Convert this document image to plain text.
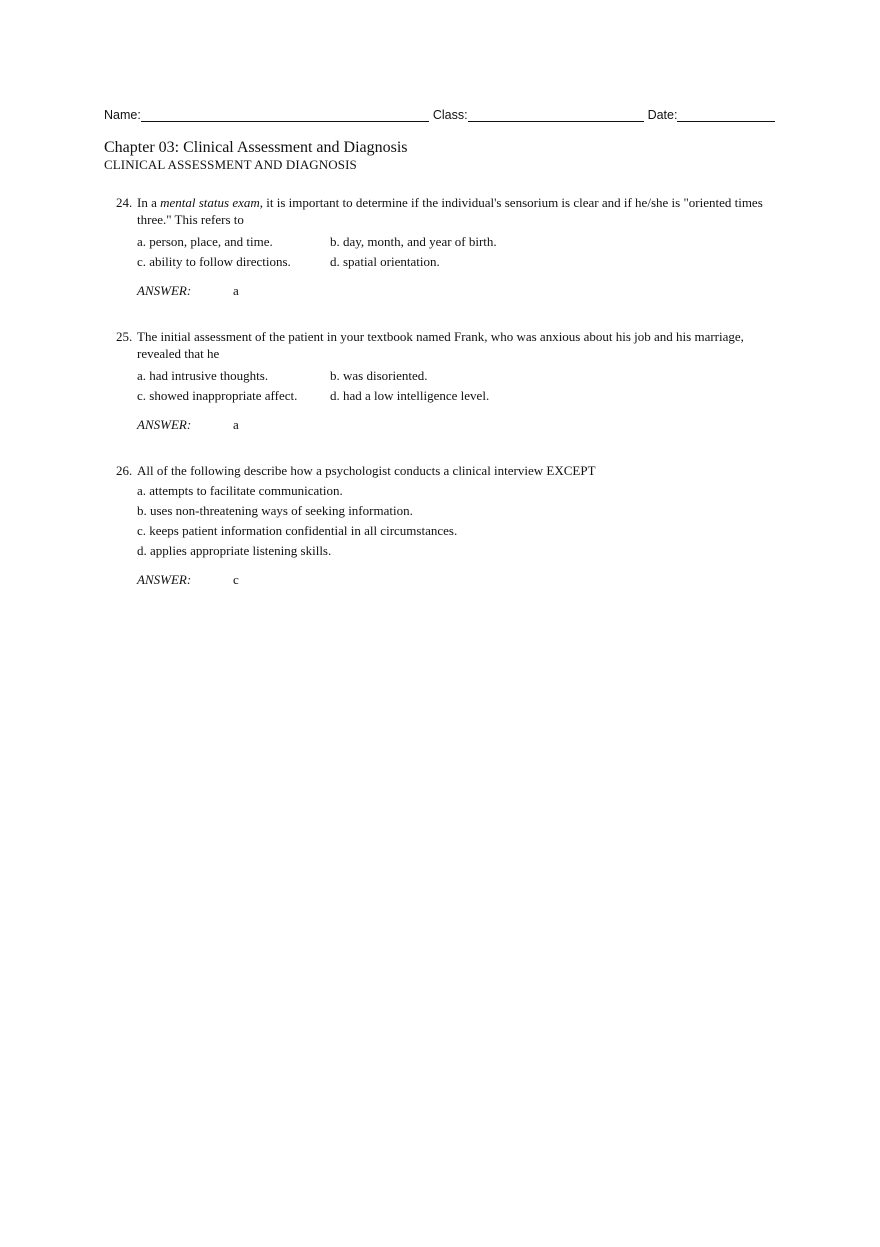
Name:	Class:	Date:
Chapter 03: Clinical Assessment and Diagnosis
CLINICAL ASSESSMENT AND DIAGNOSIS
24. In a mental status exam, it is important to determine if the individual's sensorium is clear and if he/she is "oriented times three." This refers to
a. person, place, and time.	b. day, month, and year of birth.
c. ability to follow directions.	d. spatial orientation.
ANSWER:	a
25. The initial assessment of the patient in your textbook named Frank, who was anxious about his job and his marriage, revealed that he
a. had intrusive thoughts.	b. was disoriented.
c. showed inappropriate affect.	d. had a low intelligence level.
ANSWER:	a
26. All of the following describe how a psychologist conducts a clinical interview EXCEPT
a. attempts to facilitate communication.
b. uses non-threatening ways of seeking information.
c. keeps patient information confidential in all circumstances.
d. applies appropriate listening skills.
ANSWER:	c
